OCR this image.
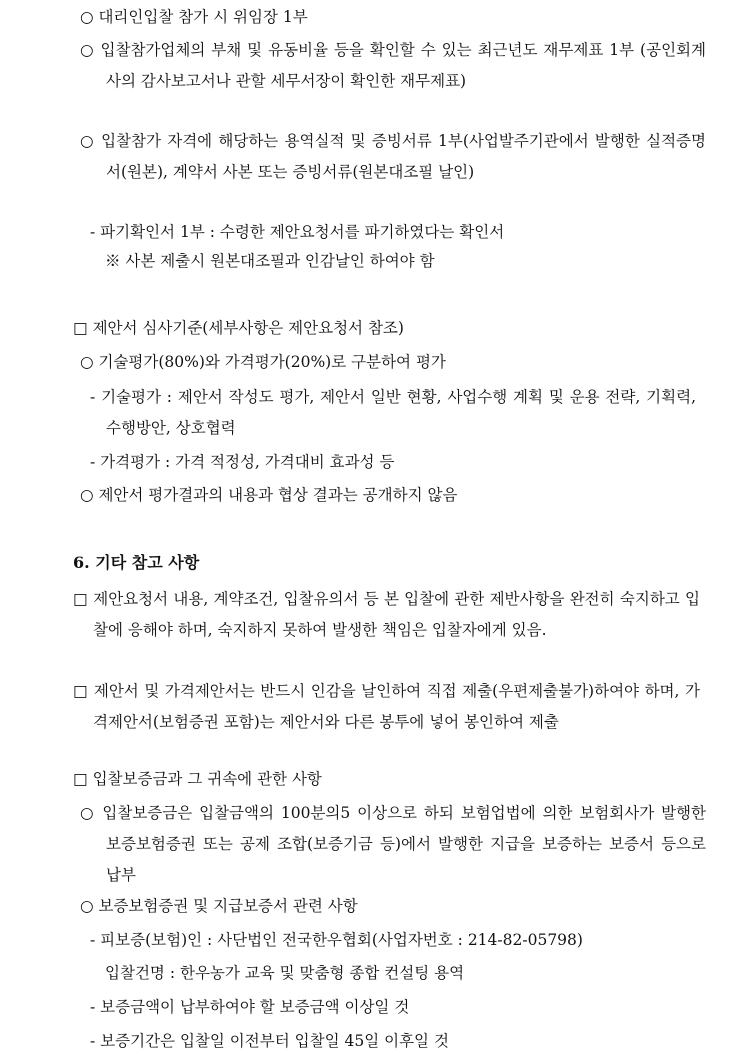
○ 대리인입찰 참가 시 위임장 1부
○ 입찰참가업체의 부채 및 유동비율 등을 확인할 수 있는 최근년도 재무제표 1부 (공인회계사의 감사보고서나 관할 세무서장이 확인한 재무제표)
○ 입찰참가 자격에 해당하는 용역실적 및 증빙서류 1부(사업발주기관에서 발행한 실적증명서(원본), 계약서 사본 또는 증빙서류(원본대조필 날인)
- 파기확인서 1부 : 수령한 제안요청서를 파기하였다는 확인서
※ 사본 제출시 원본대조필과 인감날인 하여야 함
□ 제안서 심사기준(세부사항은 제안요청서 참조)
○ 기술평가(80%)와 가격평가(20%)로 구분하여 평가
- 기술평가 : 제안서 작성도 평가, 제안서 일반 현황, 사업수행 계획 및 운용 전략, 기획력, 수행방안, 상호협력
- 가격평가 : 가격 적정성, 가격대비 효과성 등
○ 제안서 평가결과의 내용과 협상 결과는 공개하지 않음
6. 기타 참고 사항
□ 제안요청서 내용, 계약조건, 입찰유의서 등 본 입찰에 관한 제반사항을 완전히 숙지하고 입찰에 응해야 하며, 숙지하지 못하여 발생한 책임은 입찰자에게 있음.
□ 제안서 및 가격제안서는 반드시 인감을 날인하여 직접 제출(우편제출불가)하여야 하며, 가격제안서(보험증권 포함)는 제안서와 다른 봉투에 넣어 봉인하여 제출
□ 입찰보증금과 그 귀속에 관한 사항
○ 입찰보증금은 입찰금액의 100분의5 이상으로 하되 보험업법에 의한 보험회사가 발행한 보증보험증권 또는 공제 조합(보증기금 등)에서 발행한 지급을 보증하는 보증서 등으로 납부
○ 보증보험증권 및 지급보증서 관련 사항
- 피보증(보험)인 : 사단법인 전국한우협회(사업자번호 : 214-82-05798)
입찰건명 : 한우농가 교육 및 맞춤형 종합 컨설팅 용역
- 보증금액이 납부하여야 할 보증금액 이상일 것
- 보증기간은 입찰일 이전부터 입찰일 45일 이후일 것
